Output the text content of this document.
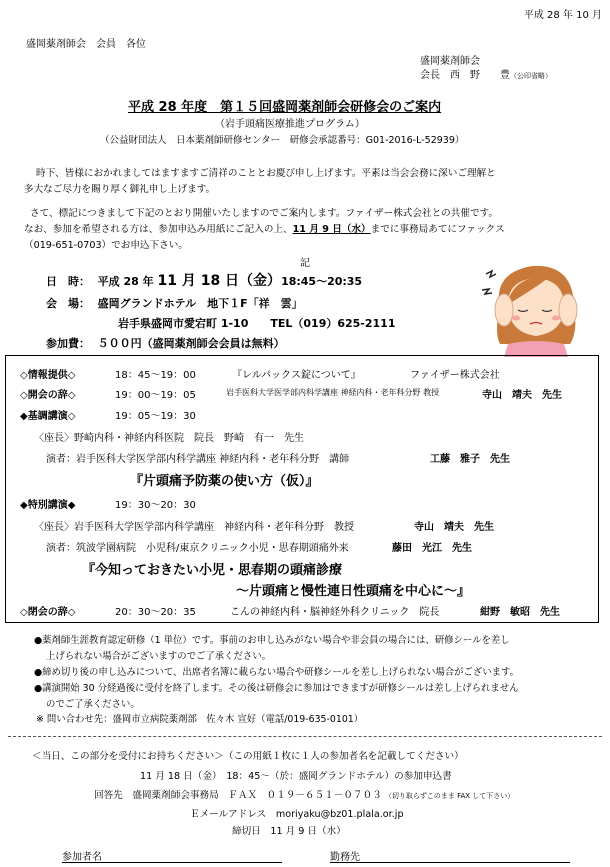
平成 28 年 10 月
盛岡薬剤師会　会員　各位
盛岡薬剤師会
会長　西　野　　豊（公印省略）
平成 28 年度　第１５回盛岡薬剤師会研修会のご案内
（岩手頭痛医療推進プログラム）
（公益財団法人　日本薬剤師研修センター　研修会承認番号：G01-2016-L-52939）
時下、皆様におかれましてはますますご清祥のこととお慶び申し上げます。平素は当会会務に深いご理解と
多大なご尽力を賜り厚く御礼申し上げます。
さて、標記につきまして下記のとおり開催いたしますのでご案内します。ファイザー株式会社との共催です。
なお、参加を希望される方は、参加申込み用紙にご記入の上、11 月 9 日（水）までに事務局あてにファックス
（019-651-0703）でお申込下さい。
記
日　時： 平成 28 年 11 月 18 日（金）18:45～20:35
会　場： 盛岡グランドホテル　地下１F「祥　雲」
岩手県盛岡市愛宕町 1-10　　TEL（019）625-2111
参加費： ５００円（盛岡薬剤師会会員は無料）
◇情報提供◇	18：45～19：00	『レルパックス錠について』	ファイザー株式会社
◇開会の辞◇	19：00～19：05	岩手医科大学医学部内科学講座 神経内科・老年科分野 教授	寺山　靖夫　先生
◆基調講演◇	19：05～19：30
〈座長〉野崎内科・神経内科医院　院長　野崎　有一　先生
演者：岩手医科大学医学部内科学講座 神経内科・老年科分野　講師	工藤　雅子　先生
『片頭痛予防薬の使い方（仮）』
◆特別講演◆	19：30～20：30
〈座長〉岩手医科大学医学部内科学講座　神経内科・老年科分野　教授	寺山　靖夫　先生
演者：筑波学園病院　小児科/東京クリニック小児・思春期頭痛外来	藤田　光江　先生
『今知っておきたい小児・思春期の頭痛診療
～片頭痛と慢性連日性頭痛を中心に～』
◇閉会の辞◇	20：30～20：35	こんの神経内科・脳神経外科クリニック　院長	紺野　敏昭　先生
●薬剤師生涯教育認定研修（1 単位）です。事前のお申し込みがない場合や非会員の場合には、研修シールを差し
上げられない場合がございますのでご了承ください。
●締め切り後の申し込みについて、出席者名簿に載らない場合や研修シールを差し上げられない場合がございます。
●講演開始 30 分経過後に受付を終了します。その後は研修会に参加はできますが研修シールは差し上げられません
のでご了承ください。
※ 問い合わせ先：盛岡市立病院薬剤部　佐々木 宣好（電話/019-635-0101）
＜当日、この部分を受付にお持ちください＞（この用紙１枚に１人の参加者名を記載してください）
11 月 18 日（金）　18：45～（於：盛岡グランドホテル）の参加申込書
回答先　盛岡薬剤師会事務局　ＦＡＸ　０１９－６５１－０７０３ （切り取らずこのまま FAX して下さい）
Ｅメールアドレス　moriyaku@bz01.plala.or.jp
締切日　11 月 9 日（水）
参加者名	勤務先
